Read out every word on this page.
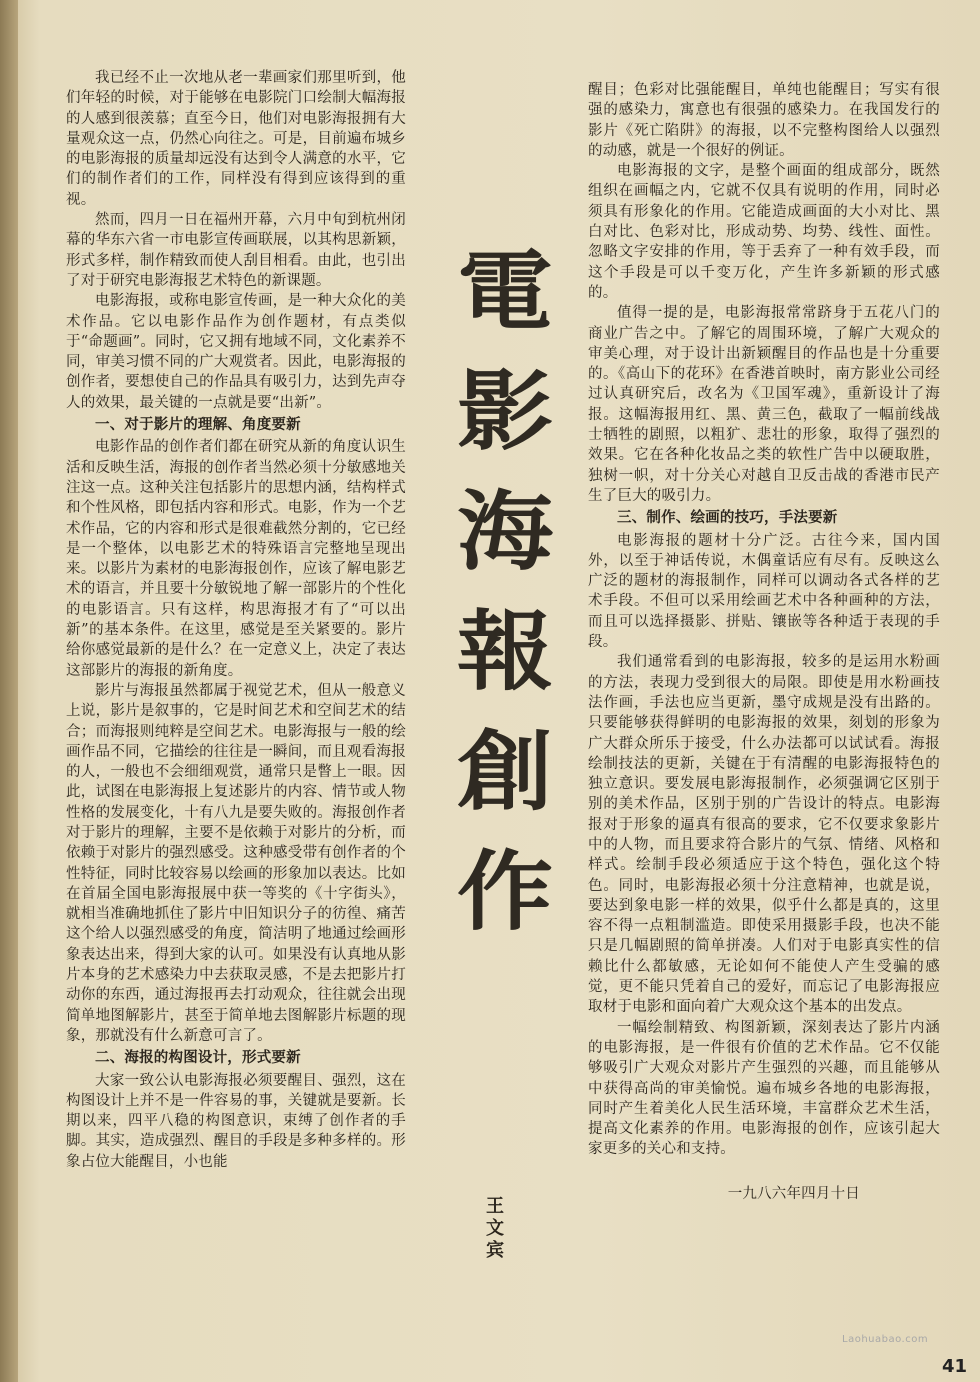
我已经不止一次地从老一辈画家们那里听到，他们年轻的时候，对于能够在电影院门口绘制大幅海报的人感到很羡慕；直至今日，他们对电影海报拥有大量观众这一点，仍然心向往之。可是，目前遍布城乡的电影海报的质量却远没有达到令人满意的水平，它们的制作者们的工作，同样没有得到应该得到的重视。

然而，四月一日在福州开幕，六月中旬到杭州闭幕的华东六省一市电影宣传画联展，以其构思新颖，形式多样，制作精致而使人刮目相看。由此，也引出了对于研究电影海报艺术特色的新课题。

电影海报，或称电影宣传画，是一种大众化的美术作品。它以电影作品作为创作题材，有点类似于“命题画”。同时，它又拥有地域不同，文化素养不同，审美习惯不同的广大观赏者。因此，电影海报的创作者，要想使自己的作品具有吸引力，达到先声夺人的效果，最关键的一点就是要“出新”。

一、对于影片的理解、角度要新

电影作品的创作者们都在研究从新的角度认识生活和反映生活，海报的创作者当然必须十分敏感地关注这一点。这种关注包括影片的思想内涵，结构样式和个性风格，即包括内容和形式。电影，作为一个艺术作品，它的内容和形式是很难截然分割的，它已经是一个整体，以电影艺术的特殊语言完整地呈现出来。以影片为素材的电影海报创作，应该了解电影艺术的语言，并且要十分敏锐地了解一部影片的个性化的电影语言。只有这样，构思海报才有了“可以出新”的基本条件。在这里，感觉是至关紧要的。影片给你感觉最新的是什么？在一定意义上，决定了表达这部影片的海报的新角度。

影片与海报虽然都属于视觉艺术，但从一般意义上说，影片是叙事的，它是时间艺术和空间艺术的结合；而海报则纯粹是空间艺术。电影海报与一般的绘画作品不同，它描绘的往往是一瞬间，而且观看海报的人，一般也不会细细观赏，通常只是瞥上一眼。因此，试图在电影海报上复述影片的内容、情节或人物性格的发展变化，十有八九是要失败的。海报创作者对于影片的理解，主要不是依赖于对影片的分析，而依赖于对影片的强烈感受。这种感受带有创作者的个性特征，同时比较容易以绘画的形象加以表达。比如在首届全国电影海报展中获一等奖的《十字街头》，就相当准确地抓住了影片中旧知识分子的彷徨、痛苦这个给人以强烈感受的角度，简洁明了地通过绘画形象表达出来，得到大家的认可。如果没有认真地从影片本身的艺术感染力中去获取灵感，不是去把影片打动你的东西，通过海报再去打动观众，往往就会出现简单地图解影片，甚至于简单地去图解影片标题的现象，那就没有什么新意可言了。

二、海报的构图设计，形式要新

大家一致公认电影海报必须要醒目、强烈，这在构图设计上并不是一件容易的事，关键就是要新。长期以来，四平八稳的构图意识，束缚了创作者的手脚。其实，造成强烈、醒目的手段是多种多样的。形象占位大能醒目，小也能

電
影
海
報
創
作
王文宾

醒目；色彩对比强能醒目，单纯也能醒目；写实有很强的感染力，寓意也有很强的感染力。在我国发行的影片《死亡陷阱》的海报，以不完整构图给人以强烈的动感，就是一个很好的例证。

电影海报的文字，是整个画面的组成部分，既然组织在画幅之内，它就不仅具有说明的作用，同时必须具有形象化的作用。它能造成画面的大小对比、黑白对比、色彩对比，形成动势、均势、线性、面性。忽略文字安排的作用，等于丢弃了一种有效手段，而这个手段是可以千变万化，产生许多新颖的形式感的。

值得一提的是，电影海报常常跻身于五花八门的商业广告之中。了解它的周围环境，了解广大观众的审美心理，对于设计出新颖醒目的作品也是十分重要的。《高山下的花环》在香港首映时，南方影业公司经过认真研究后，改名为《卫国军魂》，重新设计了海报。这幅海报用红、黑、黄三色，截取了一幅前线战士牺牲的剧照，以粗犷、悲壮的形象，取得了强烈的效果。它在各种化妆品之类的软性广告中以硬取胜，独树一帜，对十分关心对越自卫反击战的香港市民产生了巨大的吸引力。

三、制作、绘画的技巧，手法要新

电影海报的题材十分广泛。古往今来，国内国外，以至于神话传说，木偶童话应有尽有。反映这么广泛的题材的海报制作，同样可以调动各式各样的艺术手段。不但可以采用绘画艺术中各种画种的方法，而且可以选择摄影、拼贴、镶嵌等各种适于表现的手段。

我们通常看到的电影海报，较多的是运用水粉画的方法，表现力受到很大的局限。即使是用水粉画技法作画，手法也应当更新，墨守成规是没有出路的。只要能够获得鲜明的电影海报的效果，刻划的形象为广大群众所乐于接受，什么办法都可以试试看。海报绘制技法的更新，关键在于有清醒的电影海报特色的独立意识。要发展电影海报制作，必须强调它区别于别的美术作品，区别于别的广告设计的特点。电影海报对于形象的逼真有很高的要求，它不仅要求象影片中的人物，而且要求符合影片的气氛、情绪、风格和样式。绘制手段必须适应于这个特色，强化这个特色。同时，电影海报必须十分注意精神，也就是说，要达到象电影一样的效果，似乎什么都是真的，这里容不得一点粗制滥造。即使采用摄影手段，也决不能只是几幅剧照的简单拼凑。人们对于电影真实性的信赖比什么都敏感，无论如何不能使人产生受骗的感觉，更不能只凭着自己的爱好，而忘记了电影海报应取材于电影和面向着广大观众这个基本的出发点。

一幅绘制精致、构图新颖，深刻表达了影片内涵的电影海报，是一件很有价值的艺术作品。它不仅能够吸引广大观众对影片产生强烈的兴趣，而且能够从中获得高尚的审美愉悦。遍布城乡各地的电影海报，同时产生着美化人民生活环境，丰富群众艺术生活，提高文化素养的作用。电影海报的创作，应该引起大家更多的关心和支持。

一九八六年四月十日

Laohuabao.com
41
